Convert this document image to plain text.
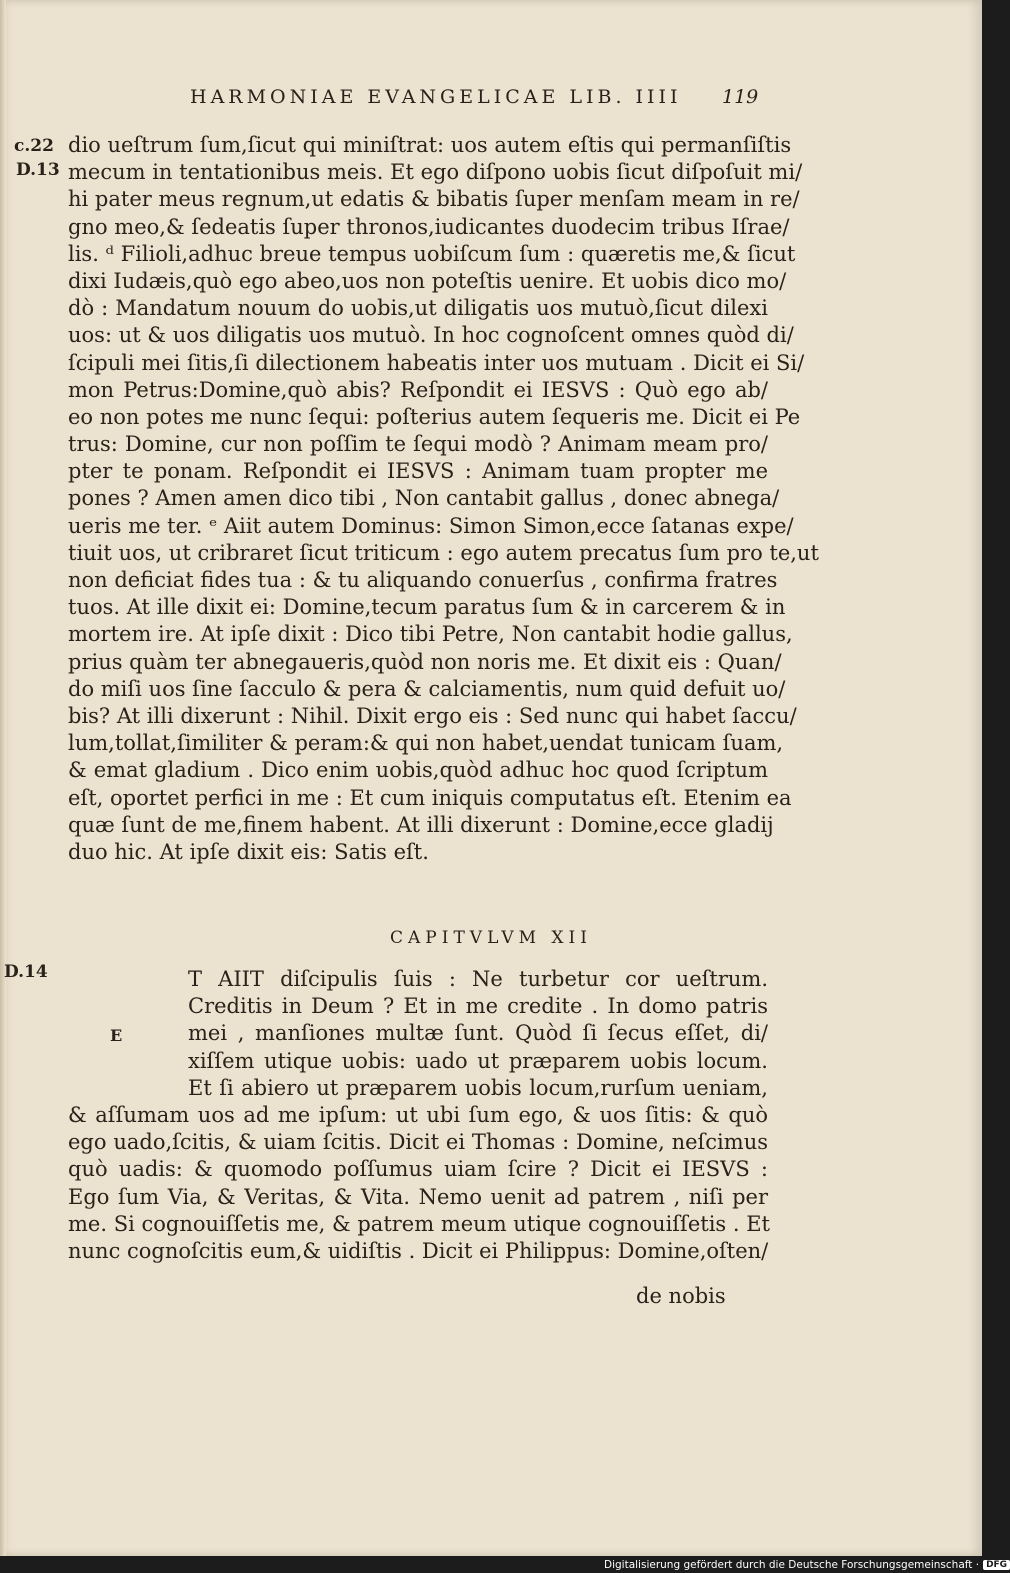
HARMONIAE EVANGELICAE LIB. IIII 119
c.22
D.13
D.14
dio ueſtrum ſum,ſicut qui miniſtrat: uos autem eſtis qui permanſiſtis
mecum in tentationibus meis. Et ego diſpono uobis ſicut diſpoſuit mi/
hi pater meus regnum,ut edatis & bibatis ſuper menſam meam in re/
gno meo,& ſedeatis ſuper thronos,iudicantes duodecim tribus Iſrae/
lis. ᵈ Filioli,adhuc breue tempus uobiſcum ſum : quæretis me,& ſicut
dixi Iudæis,quò ego abeo,uos non poteſtis uenire. Et uobis dico mo/
dò : Mandatum nouum do uobis,ut diligatis uos mutuò,ſicut dilexi
uos: ut & uos diligatis uos mutuò. In hoc cognoſcent omnes quòd di/
ſcipuli mei ſitis,ſi dilectionem habeatis inter uos mutuam . Dicit ei Si/
mon Petrus:Domine,quò abis? Reſpondit ei IESVS : Quò ego ab/
eo non potes me nunc ſequi: poſterius autem ſequeris me. Dicit ei Pe
trus: Domine, cur non poſſim te ſequi modò ? Animam meam pro/
pter te ponam. Reſpondit ei IESVS : Animam tuam propter me
pones ? Amen amen dico tibi , Non cantabit gallus , donec abnega/
ueris me ter. ᵉ Aiit autem Dominus: Simon Simon,ecce ſatanas expe/
tiuit uos, ut cribraret ſicut triticum : ego autem precatus ſum pro te,ut
non deficiat fides tua : & tu aliquando conuerſus , confirma fratres
tuos. At ille dixit ei: Domine,tecum paratus ſum & in carcerem & in
mortem ire. At ipſe dixit : Dico tibi Petre, Non cantabit hodie gallus,
prius quàm ter abnegaueris,quòd non noris me. Et dixit eis : Quan/
do miſi uos ſine ſacculo & pera & calciamentis, num quid defuit uo/
bis? At illi dixerunt : Nihil. Dixit ergo eis : Sed nunc qui habet ſaccu/
lum,tollat,ſimiliter & peram:& qui non habet,uendat tunicam ſuam,
& emat gladium . Dico enim uobis,quòd adhuc hoc quod ſcriptum
eſt, oportet perfici in me : Et cum iniquis computatus eſt. Etenim ea
quæ ſunt de me,finem habent. At illi dixerunt : Domine,ecce gladij
duo hic. At ipſe dixit eis: Satis eſt.
CAPITVLVM XII
E
T AIIT diſcipulis ſuis : Ne turbetur cor ueſtrum.
Creditis in Deum ? Et in me credite . In domo patris
mei , manſiones multæ ſunt. Quòd ſi ſecus eſſet, di/
xiſſem utique uobis: uado ut præparem uobis locum.
Et ſi abiero ut præparem uobis locum,rurſum ueniam,
& aſſumam uos ad me ipſum: ut ubi ſum ego, & uos ſitis: & quò
ego uado,ſcitis, & uiam ſcitis. Dicit ei Thomas : Domine, neſcimus
quò uadis: & quomodo poſſumus uiam ſcire ? Dicit ei IESVS :
Ego ſum Via, & Veritas, & Vita. Nemo uenit ad patrem , niſi per
me. Si cognouiſſetis me, & patrem meum utique cognouiſſetis . Et
nunc cognoſcitis eum,& uidiſtis . Dicit ei Philippus: Domine,oſten/
de nobis
Digitalisierung gefördert durch die Deutsche Forschungsgemeinschaft · DFG
